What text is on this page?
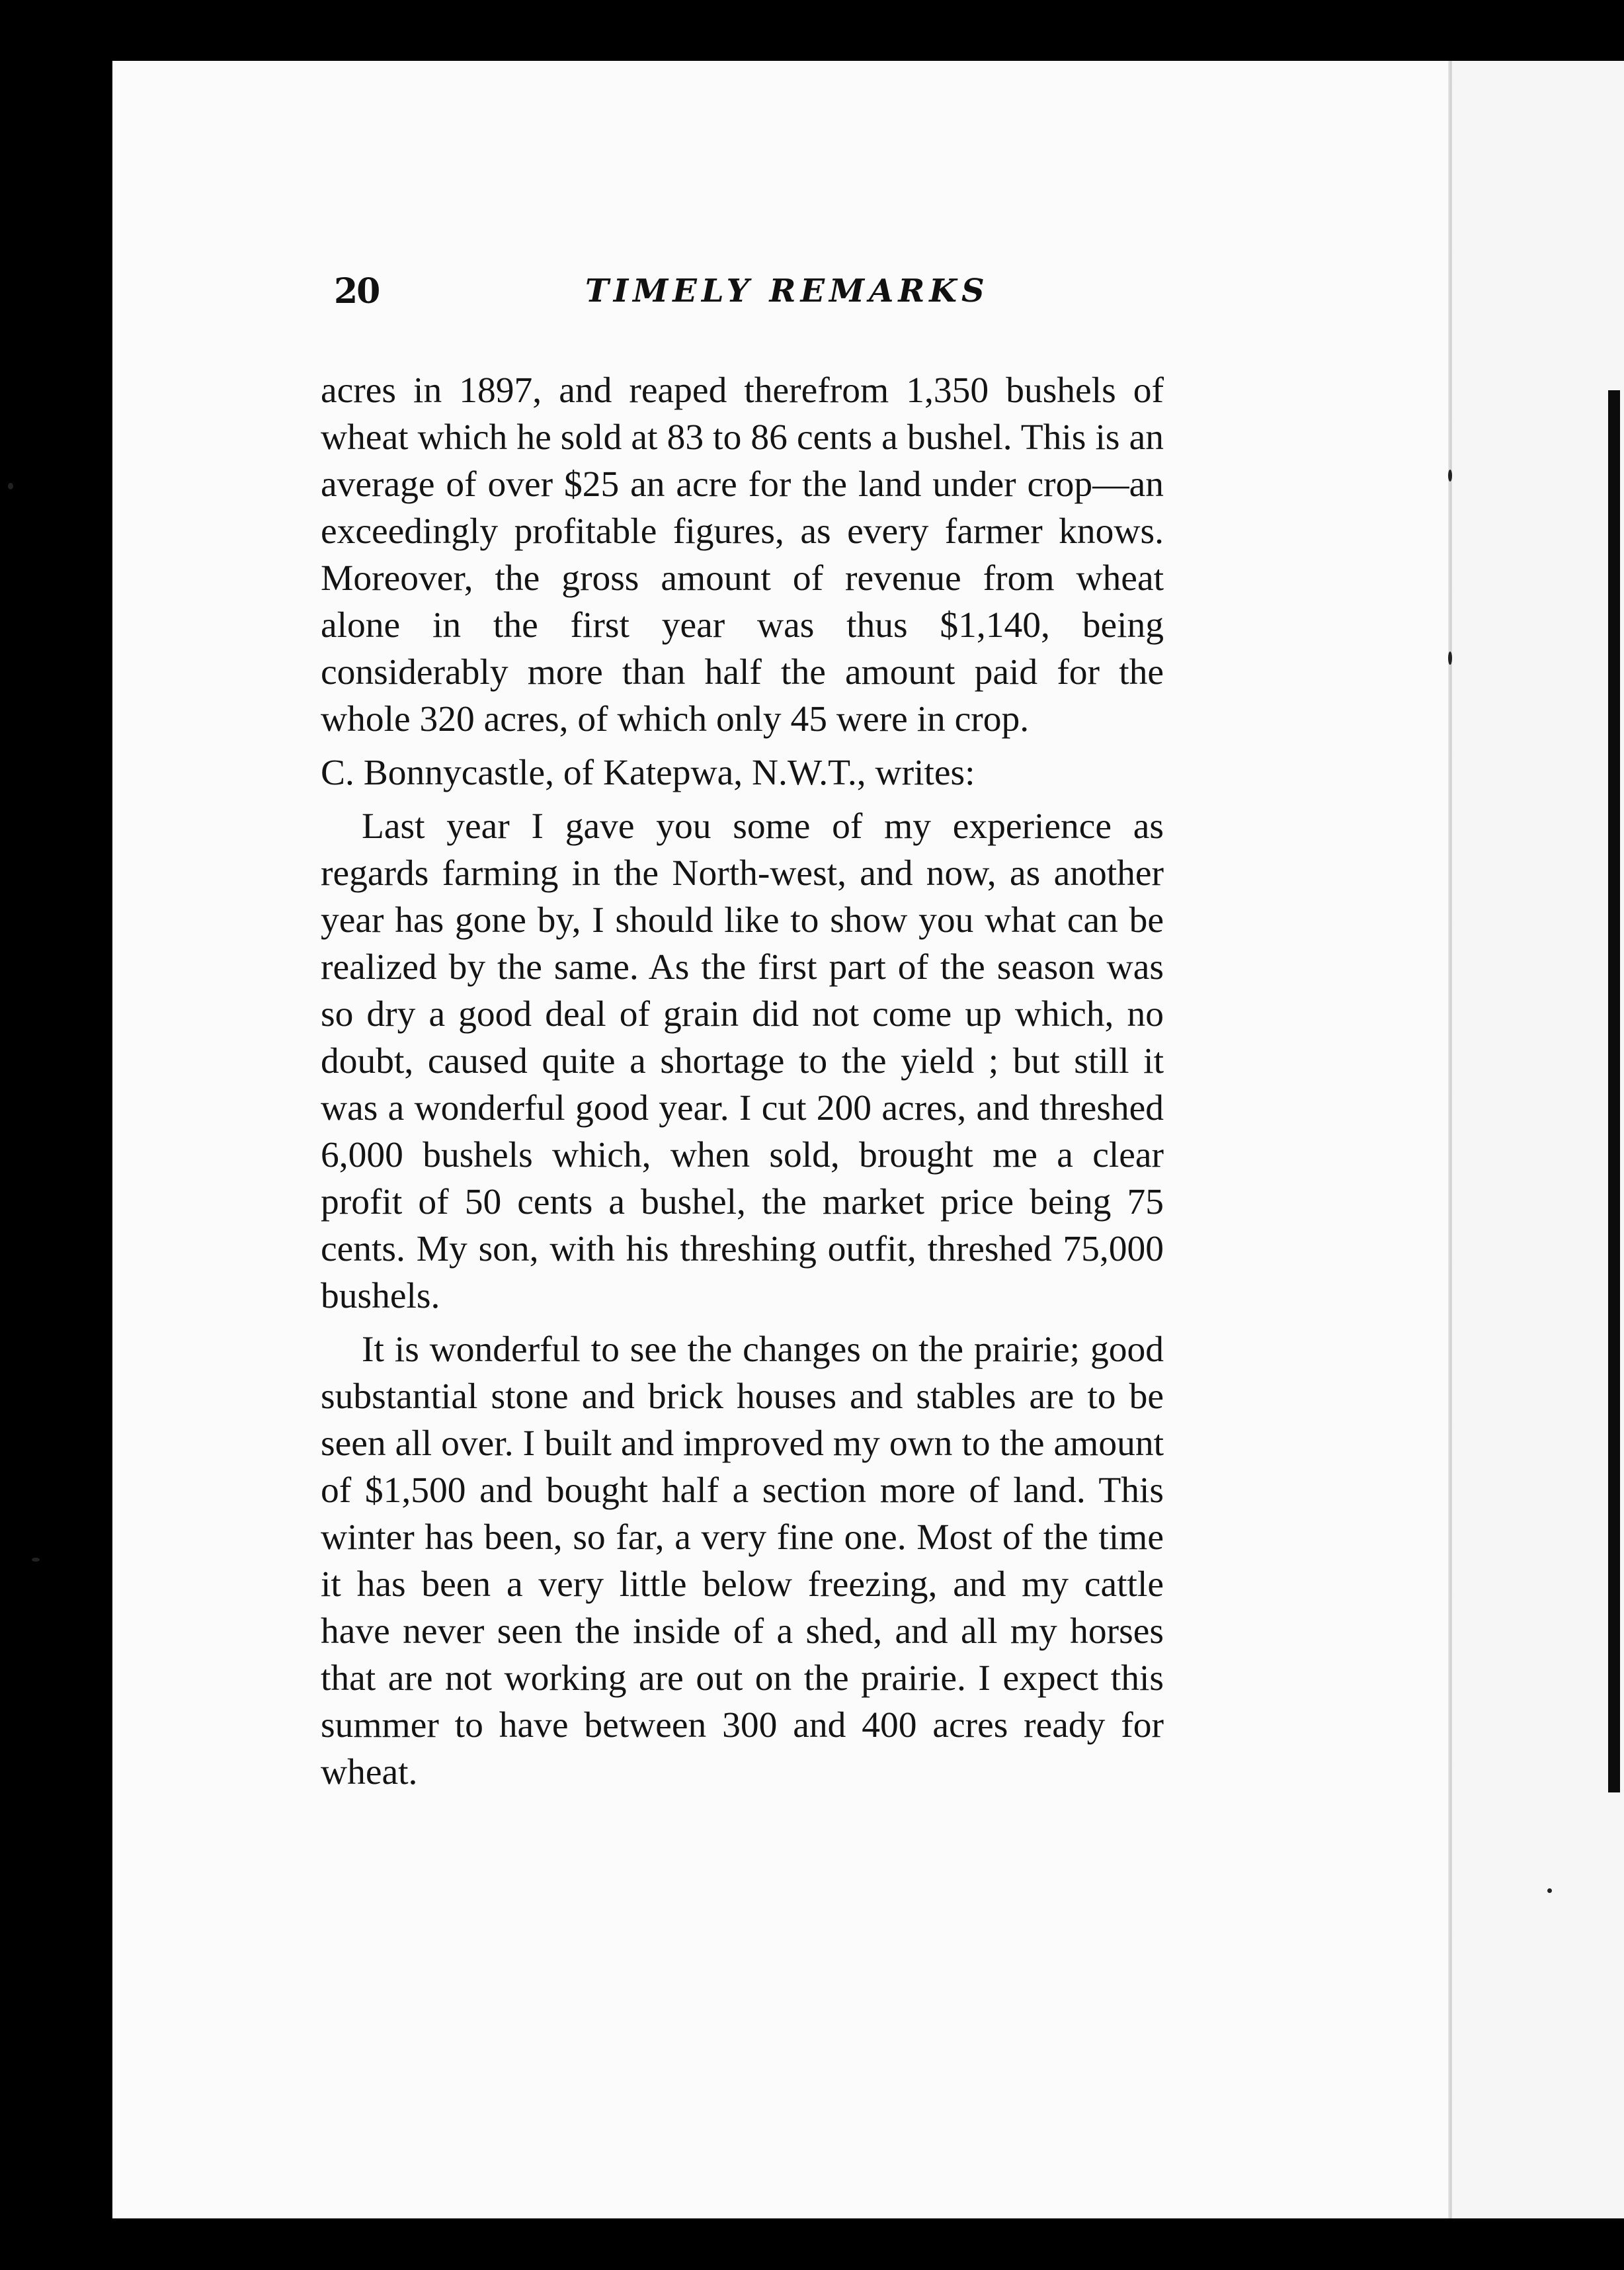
20	TIMELY REMARKS

acres in 1897, and reaped therefrom 1,350 bushels of wheat which he sold at 83 to 86 cents a bushel. This is an average of over $25 an acre for the land under crop—an exceedingly profitable figures, as every farmer knows. Moreover, the gross amount of revenue from wheat alone in the first year was thus $1,140, being considerably more than half the amount paid for the whole 320 acres, of which only 45 were in crop.

C. Bonnycastle, of Katepwa, N.W.T., writes:

Last year I gave you some of my experience as regards farming in the North-west, and now, as another year has gone by, I should like to show you what can be realized by the same. As the first part of the season was so dry a good deal of grain did not come up which, no doubt, caused quite a shortage to the yield ; but still it was a wonderful good year. I cut 200 acres, and threshed 6,000 bushels which, when sold, brought me a clear profit of 50 cents a bushel, the market price being 75 cents. My son, with his threshing outfit, threshed 75,000 bushels.

It is wonderful to see the changes on the prairie; good substantial stone and brick houses and stables are to be seen all over. I built and improved my own to the amount of $1,500 and bought half a section more of land. This winter has been, so far, a very fine one. Most of the time it has been a very little below freezing, and my cattle have never seen the inside of a shed, and all my horses that are not working are out on the prairie. I expect this summer to have between 300 and 400 acres ready for wheat.
